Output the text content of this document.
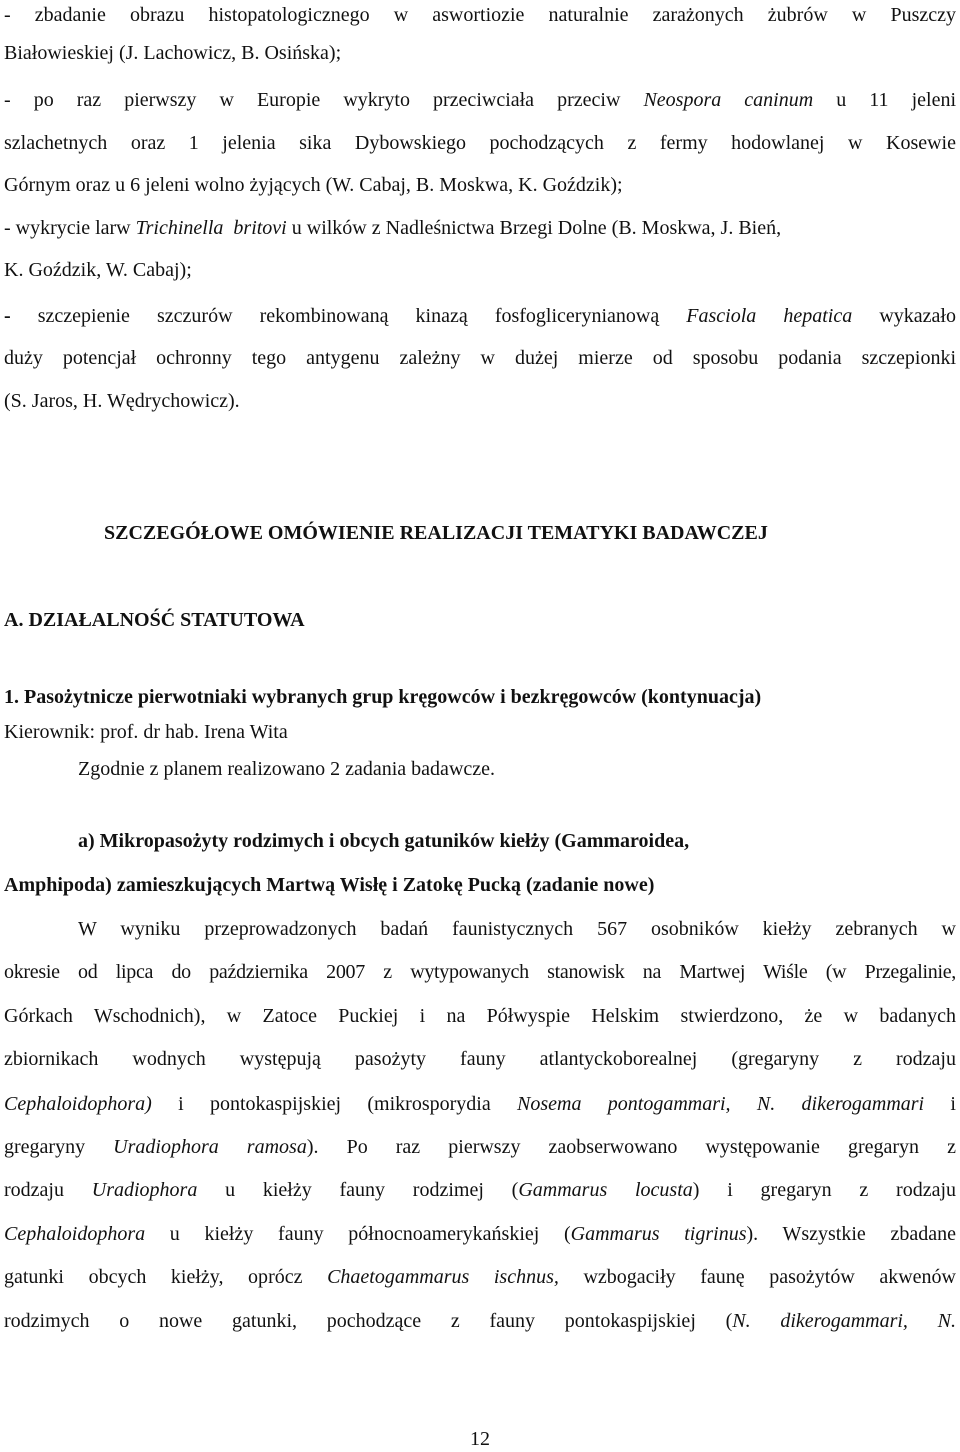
- zbadanie obrazu histopatologicznego w aswortiozie naturalnie zarażonych żubrów w Puszczy
Białowieskiej (J. Lachowicz, B. Osińska);
- po raz pierwszy w Europie wykryto przeciwciała przeciw Neospora caninum u 11 jeleni
szlachetnych oraz 1 jelenia sika Dybowskiego pochodzących z fermy hodowlanej w Kosewie
Górnym oraz u 6 jeleni wolno żyjących (W. Cabaj, B. Moskwa, K. Goździk);
- wykrycie larw Trichinella  britovi u wilków z Nadleśnictwa Brzegi Dolne (B. Moskwa, J. Bień,
K. Goździk, W. Cabaj);
- szczepienie szczurów rekombinowaną kinazą fosfoglicerynianową Fasciola hepatica wykazało
duży potencjał ochronny tego antygenu zależny w dużej mierze od sposobu podania szczepionki
(S. Jaros, H. Wędrychowicz).
SZCZEGÓŁOWE OMÓWIENIE REALIZACJI TEMATYKI BADAWCZEJ
A. DZIAŁALNOŚĆ STATUTOWA
1. Pasożytnicze pierwotniaki wybranych grup kręgowców i bezkręgowców (kontynuacja)
Kierownik: prof. dr hab. Irena Wita
Zgodnie z planem realizowano 2 zadania badawcze.
a) Mikropasożyty rodzimych i obcych gatuników kiełży (Gammaroidea,
Amphipoda) zamieszkujących Martwą Wisłę i Zatokę Pucką (zadanie nowe)
W wyniku przeprowadzonych badań faunistycznych 567 osobników kiełży zebranych w
okresie od lipca do października 2007 z wytypowanych stanowisk na Martwej Wiśle (w Przegalinie,
Górkach Wschodnich), w Zatoce Puckiej i na Półwyspie Helskim stwierdzono, że w badanych
zbiornikach wodnych występują pasożyty fauny atlantyckoborealnej (gregaryny z rodzaju
Cephaloidophora) i pontokaspijskiej (mikrosporydia Nosema pontogammari, N. dikerogammari i
gregaryny Uradiophora ramosa). Po raz pierwszy zaobserwowano występowanie gregaryn z
rodzaju Uradiophora u kiełży fauny rodzimej (Gammarus locusta) i gregaryn z rodzaju
Cephaloidophora u kiełży fauny północnoamerykańskiej (Gammarus tigrinus). Wszystkie zbadane
gatunki obcych kiełży, oprócz Chaetogammarus ischnus, wzbogaciły faunę pasożytów akwenów
rodzimych o nowe gatunki, pochodzące z fauny pontokaspijskiej (N. dikerogammari, N.
12
